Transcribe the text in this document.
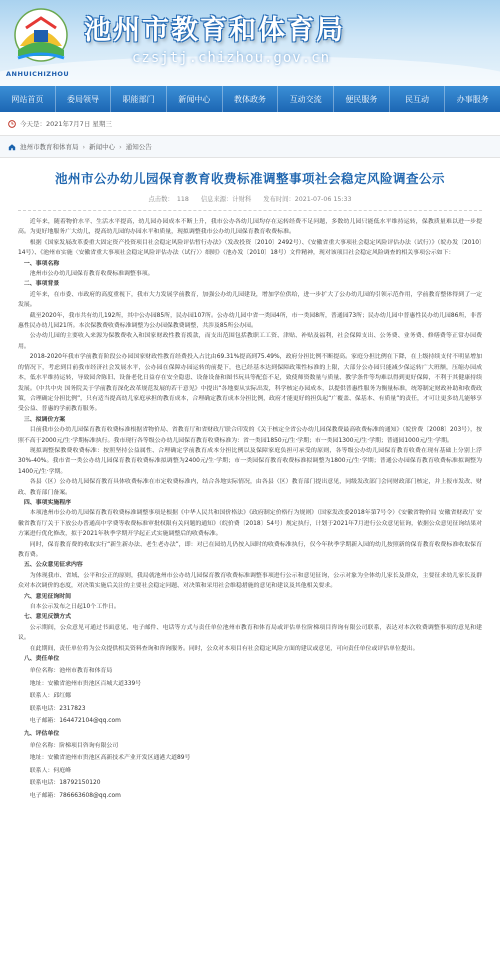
ANHUICHIZHOU
池州市教育和体育局
czsjtj.chizhou.gov.cn
网站首页	委局领导	职能部门	新闻中心	教体政务	互动交流	便民服务	民互动	办事服务
今天是：2021年7月7日 星期三
池州市教育和体育局 › 新闻中心 › 通知公告
池州市公办幼儿园保育教育收费标准调整事项社会稳定风险调查公示
点击数：　118 信息来源：计财科 发布时间：2021-07-06 15:33

近年来，随着物价水平、生活水平提高，幼儿园办园成本不断上升，我市公办各幼儿园均存在运转经费不足问题，多数幼儿园只能低水平维持运转，保教质量难以进一步提高。为更好地服务广大幼儿，提高幼儿园的办园水平和质量，现拟调整我市公办幼儿园保育教育收费标准。

根据《国家发展改革委重大固定资产投资项目社会稳定风险评估暂行办法》（发改投资〔2010〕2492号）、《安徽省重大事项社会稳定风险评估办法（试行）》（皖办发〔2010〕14号）、《池州市实施〈安徽省重大事项社会稳定风险评估办法（试行）〉细则》（池办发〔2010〕18号）文件精神，现对该项目社会稳定风险调查的相关事项公示如下：

一、事项名称

池州市公办幼儿园保育教育收费标准调整事项。

二、事项背景

近年来，在市委、市政府的高度重视下，我市大力发展学前教育，加强公办幼儿园建设，增加学位供给，进一步扩大了公办幼儿园的引领示范作用，学前教育整体得到了一定发展。

截至2020年，我市共有幼儿192所，其中公办园85所，民办园107所。公办幼儿园中省一类园4所，市一类园8所，普通园73所；民办幼儿园中普惠性民办幼儿园86所，非普惠性民办幼儿园21所。本次保教费收费标准调整为公办园保教费调整，共涉及85所公办园。

公办幼儿园的主要收入来源为保教费收入和国家财政性教育拨款，而支出范围包括教职工工资、津贴、补贴及福利，社会保障支出、公务费、业务费、修缮费等正常办园费用。

2018-2020年我市学前教育阶段公办园国家财政性教育经费投入占比由69.31%提高到75.49%，政府分担比例不断提高。家庭分担比例在下降，在上级持续支付不明显增加的情况下，考虑到目前我市经济社会发展水平，公办园在保障办园运转的前提下，也已经基本达到保障政策性标准的上限，大部分公办园只能减少保运转广大班额，压缩办园成本，低水平维持运转，导致园舍陈旧、设备老化日益存在安全隐患、设备设备和图书玩具等配套不足，致使师资数量与质量、教学条件等均难以得到更好保障，不利于其健康持续发展。《中共中央 国务院关于学前教育深化改革规范发展的若干意见》中提出“各地要从实际出发，科学核定办园成本，以提供普惠性服务为衡量标准，统筹制定财政补助和收费政策，合理确定分担比例”，只有适当提高幼儿家庭承担的教育成本，合理确定教育成本分担比例，政府才能更好的担负起“广覆盖、保基本、有质量”的责任，才可让更多幼儿能够享受公益、普惠的学前教育服务。

三、拟调价方案

目前我市公办幼儿园保育教育收费标准根据省物价局、省教育厅和省财政厅联合印发的《关于核定全省公办幼儿园保教费最高收费标准的通知》（皖价费〔2008〕203号），按照不高于2000元/生·学期标准执行。我市现行各等级公办幼儿园保育教育收费标准为：省一类园1850元/生·学期；市一类园1300元/生·学期；普通园1000元/生·学期。

现拟调整保教费收费标准：按照坚持公益属性、合理确定学前教育成本分担比例以及保障家庭负担可承受的原则，各等级公办幼儿园保育教育收费在现有基础上分别上浮30%-40%。我市省一类公办幼儿园保育教育收费标准拟调整为2400元/生·学期；市一类园保育教育收费标准拟调整为1800元/生·学期；普通公办园保育教育收费标准拟调整为1400元/生·学期。

各县（区）公办幼儿园保育教育具体收费标准在市定收费标准内，结合各地实际情况，由各县（区）教育部门提出意见，同级发改部门会同财政部门核定，并上报市发改、财政、教育部门备案。

四、事项实施程序

本项池州市公办幼儿园保育教育收费标准调整事项是根据《中华人民共和国价格法》《政府制定价格行为规则》（国家发改委2018年第7号令）《安徽省物价局 安徽省财政厅 安徽省教育厅关于下放公办普通高中学费等收费标准审批权限有关问题的通知》（皖价费〔2018〕54号）规定执行，计划于2021年7月进行公众意见征询，依据公众意见征询结果对方案进行优化修改，拟于2021年秋季学期开学起正式实施调整后的收费标准。

同时，保育教育费的收取实行“新生新办法、老生老办法”，即：对已在园幼儿仍按入园时的收费标准执行，仅今年秋季学期新入园的幼儿按照新的保育教育收费标准收取保育教育费。

五、公众意见征求内容

为体现我市、省域、公平和公正的原则，我局就池州市公办幼儿园保育教育收费标准调整事项进行公示和意见征询，公示对象为全体幼儿家长及群众，主要征求幼儿家长及群众对本次调价的态度，对决策实施后关注的主要社会稳定问题、对决策和采用社会维稳措施的意见和建议及其他相关要求。

六、意见征询时间

自本公示发布之日起10个工作日。

七、意见反馈方式

公示期间，公众意见可通过书面意见、电子邮件、电话等方式与责任单位池州市教育和体育局或评估单位阶梯项目咨询有限公司联系，表达对本次收费调整事项的意见和建议。

在此期间，责任单位将为公众提供相关资料查询和咨询服务。同时，公众对本项目有社会稳定风险方面的建议或意见，可向责任单位或评估单位提出。

八、责任单位

单位名称：池州市教育和体育局

地址：安徽省池州市贵池区百城大道339号

联系人：邱红娜

联系电话：2317823

电子邮箱：164472104@qq.com

九、评估单位

单位名称：阶梯项目咨询有限公司

地址：安徽省池州市贵池区高新技术产业开发区通港大道89号

联系人：何庭峰

联系电话：18792150120

电子邮箱：786663608@qq.com
